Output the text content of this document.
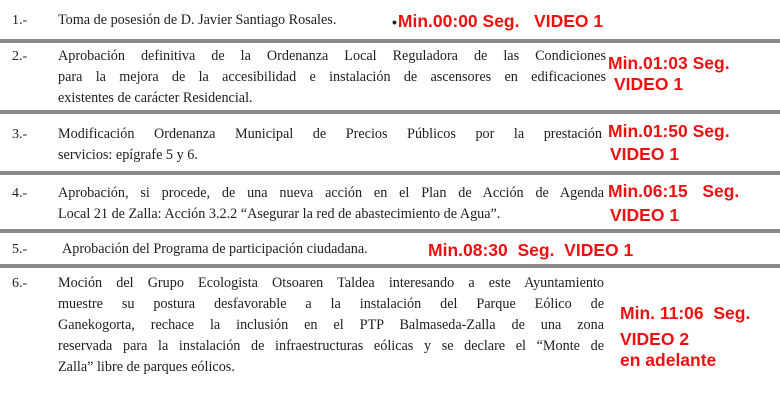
1.- Toma de posesión de D. Javier Santiago Rosales.	•Min.00:00 Seg.   VIDEO 1
2.- Aprobación definitiva de la Ordenanza Local Reguladora de las Condiciones

para la mejora de la accesibilidad e instalación de ascensores en edificaciones

existentes de carácter Residencial.

Min.01:03 Seg.
VIDEO 1
3.- Modificación Ordenanza Municipal de Precios Públicos por la prestación

servicios: epígrafe 5 y 6.

Min.01:50 Seg.
VIDEO 1
4.- Aprobación, si procede, de una nueva acción en el Plan de Acción de Agenda

Local 21 de Zalla: Acción 3.2.2 “Asegurar la red de abastecimiento de Agua”.

Min.06:15   Seg.
VIDEO 1
5.- Aprobación del Programa de participación ciudadana.	Min.08:30  Seg.  VIDEO 1
6.- Moción del Grupo Ecologista Otsoaren Taldea interesando a este Ayuntamiento

muestre su postura desfavorable a la instalación del Parque Eólico de

Ganekogorta, rechace la inclusión en el PTP Balmaseda-Zalla de una zona

reservada para la instalación de infraestructuras eólicas y se declare el “Monte de

Zalla” libre de parques eólicos.

Min. 11:06  Seg.
VIDEO 2
en adelante
